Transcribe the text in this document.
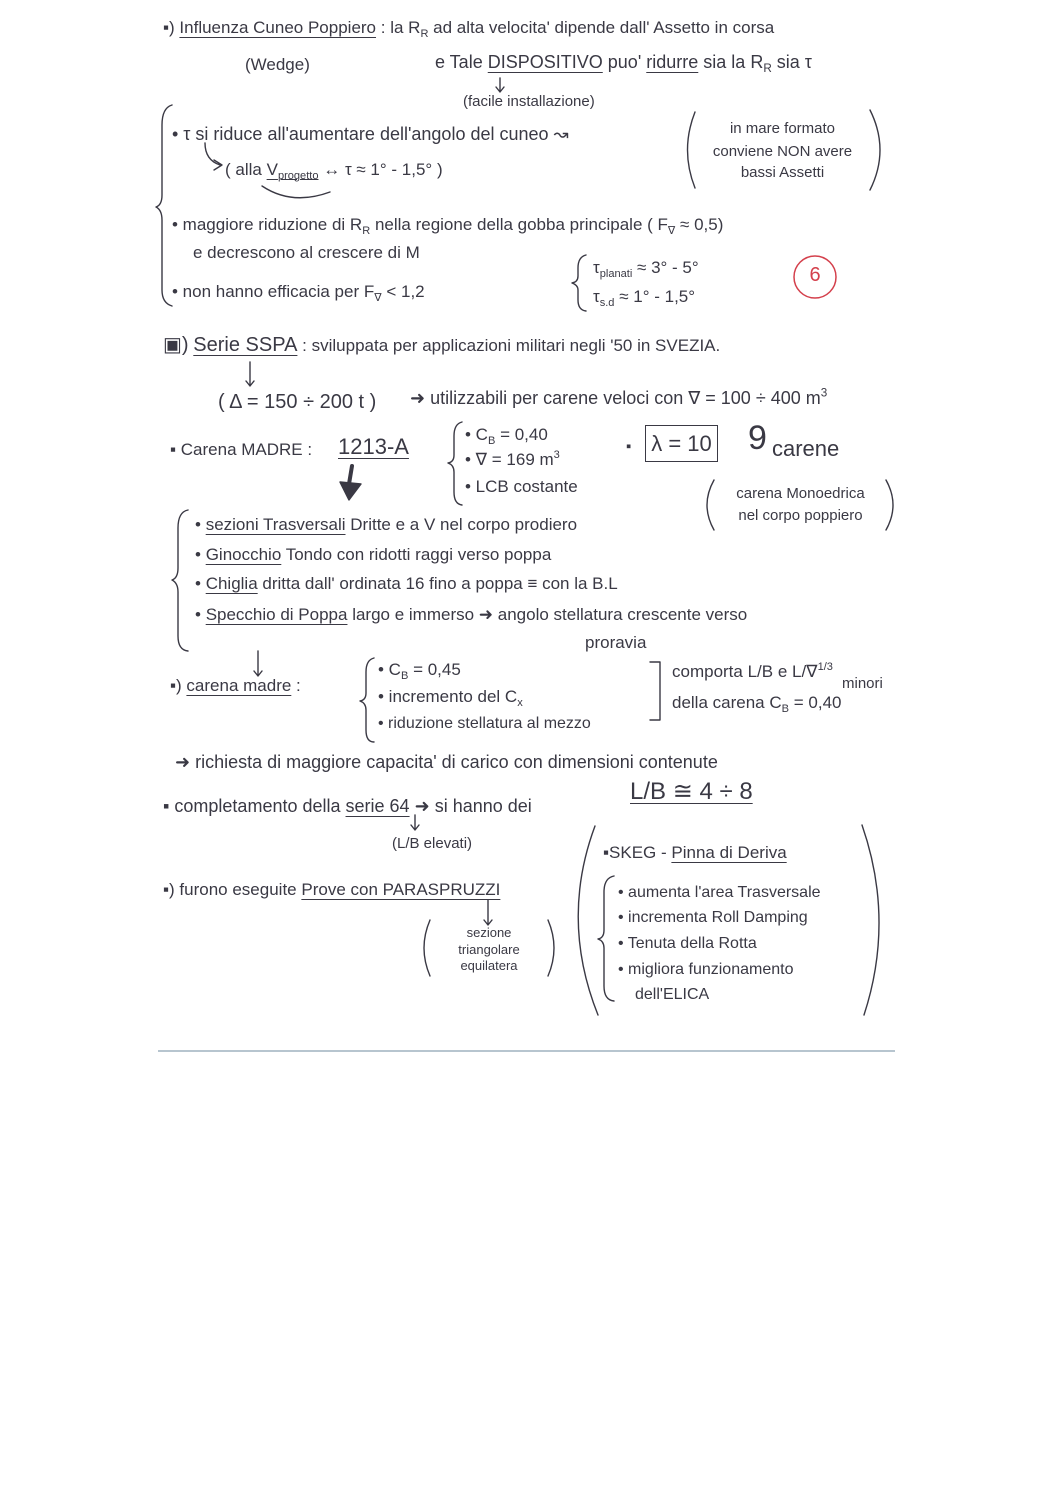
▪) Influenza Cuneo Poppiero : la $R_R$ ad alta velocita' dipende dall' Assetto in corsa
(Wedge)	e Tale DISPOSITIVO puo' ridurre sia la $R_R$ sia τ
(facile installazione)
• τ si riduce all'aumentare dell'angolo del cuneo ↝	in mare formato
conviene NON avere
bassi Assetti
( alla $V_{progetto}$ ↔ τ ≈ 1° - 1,5° )
• maggiore riduzione di $R_R$ nella regione della gobba principale ( $F_\nabla \approx 0,5$)
e decrescono al crescere di M
• non hanno efficacia per $F_\nabla < 1,2$
$\tau_{planati} \approx 3^\circ - 5^\circ$
$\tau_{s.d} \approx 1^\circ - 1,5^\circ$
6
▣) Serie SSPA : sviluppata per applicazioni militari negli '50 in SVEZIA.
( Δ = 150 ÷ 200 t ) ➜ utilizzabili per carene veloci con ∇ = 100 ÷ 400 $m^3$
▪ Carena MADRE : 1213-A	• $C_B = 0,40$
• ∇ = 169 $m^3$
• LCB costante
▪ λ = 10 9 carene
carena Monoedrica
nel corpo poppiero
• sezioni Trasversali Dritte e a V nel corpo prodiero
• Ginocchio Tondo con ridotti raggi verso poppa
• Chiglia dritta dall' ordinata 16 fino a poppa ≡ con la B.L
• Specchio di Poppa largo e immerso ➜ angolo stellatura crescente verso
proravia
▪) carena madre :
• $C_B = 0,45$
• incremento del $C_x$
• riduzione stellatura al mezzo
comporta L/B e L/∇$^{1/3}$
minori
della carena $C_B = 0,40$
➜ richiesta di maggiore capacita' di carico con dimensioni contenute
▪ completamento della serie 64 ➜ si hanno dei
L/B ≅ 4 ÷ 8
(L/B elevati)
▪) furono eseguite Prove con PARASPRUZZI
sezione
triangolare
equilatera
▪SKEG - Pinna di Deriva
• aumenta l'area Trasversale
• incrementa Roll Damping
• Tenuta della Rotta
• migliora funzionamento
dell'ELICA
